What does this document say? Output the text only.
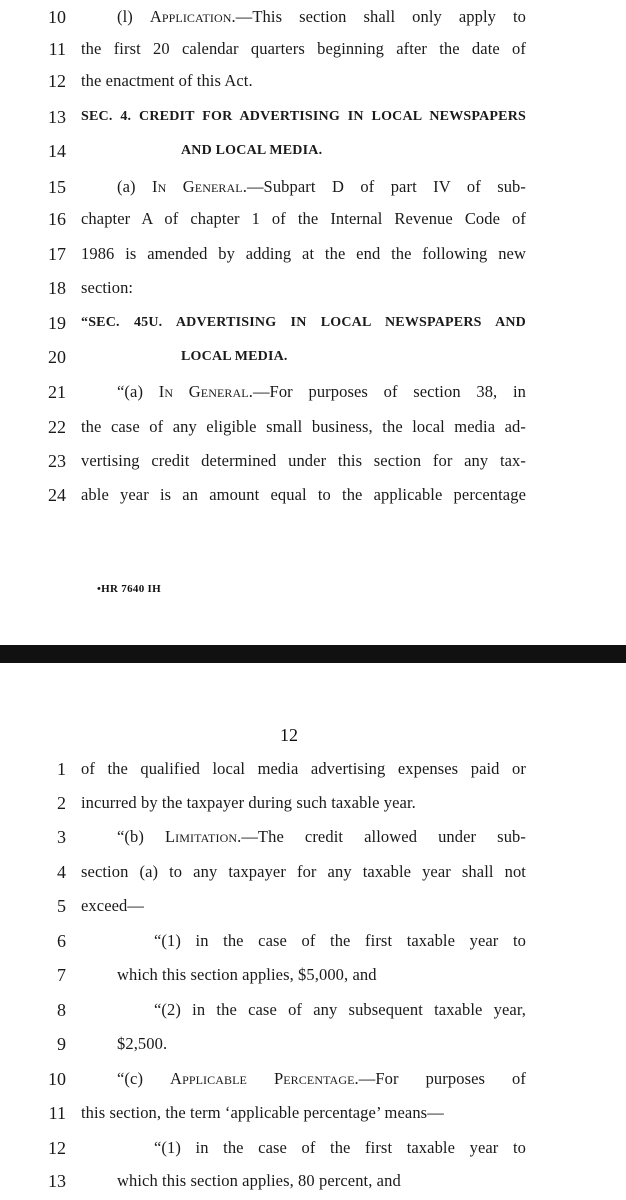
10	(l) Application.—This section shall only apply to
11 the first 20 calendar quarters beginning after the date of
12 the enactment of this Act.
13 SEC. 4. CREDIT FOR ADVERTISING IN LOCAL NEWSPAPERS
14	AND LOCAL MEDIA.
15	(a) In General.—Subpart D of part IV of sub-
16 chapter A of chapter 1 of the Internal Revenue Code of
17 1986 is amended by adding at the end the following new
18 section:
19 “SEC. 45U. ADVERTISING IN LOCAL NEWSPAPERS AND
20	LOCAL MEDIA.
21	“(a) In General.—For purposes of section 38, in
22 the case of any eligible small business, the local media ad-
23 vertising credit determined under this section for any tax-
24 able year is an amount equal to the applicable percentage
•HR 7640 IH
12
1 of the qualified local media advertising expenses paid or
2 incurred by the taxpayer during such taxable year.
3	“(b) Limitation.—The credit allowed under sub-
4 section (a) to any taxpayer for any taxable year shall not
5 exceed—
6	“(1) in the case of the first taxable year to
7	which this section applies, $5,000, and
8	“(2) in the case of any subsequent taxable year,
9	$2,500.
10	“(c) Applicable Percentage.—For purposes of
11 this section, the term ‘applicable percentage’ means—
12	“(1) in the case of the first taxable year to
13	which this section applies, 80 percent, and
